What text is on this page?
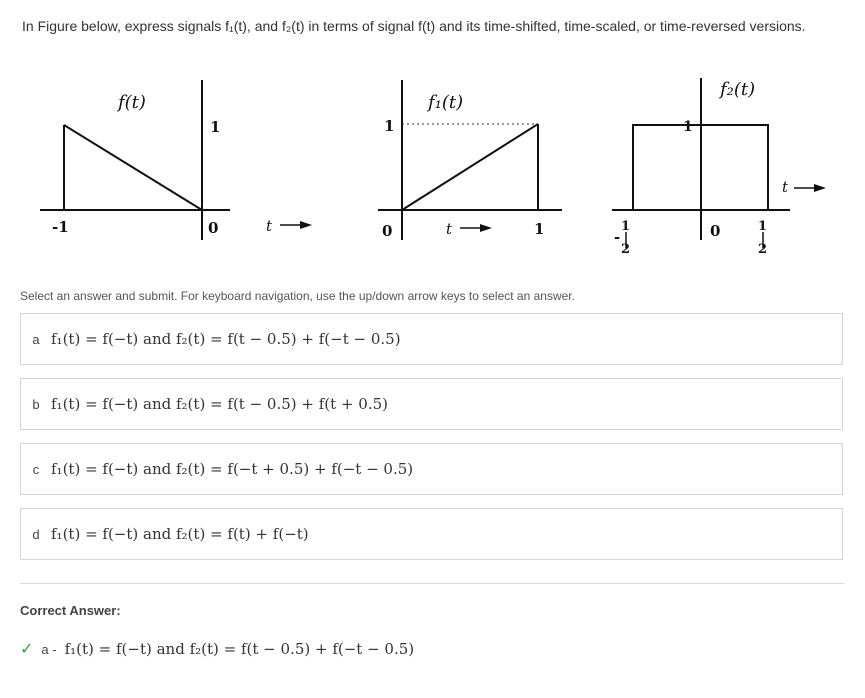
In Figure below, express signals f₁(t), and f₂(t) in terms of signal f(t) and its time-shifted, time-scaled, or time-reversed versions.
f(t)
1
-1	0	t
f₁(t)
1
0	1
t
f₂(t)
1
0
t
-
1
2
1
2
Select an answer and submit. For keyboard navigation, use the up/down arrow keys to select an answer.
a f₁(t) = f(−t) and f₂(t) = f(t − 0.5) + f(−t − 0.5)
b f₁(t) = f(−t) and f₂(t) = f(t − 0.5) + f(t + 0.5)
c f₁(t) = f(−t) and f₂(t) = f(−t + 0.5) + f(−t − 0.5)
d f₁(t) = f(−t) and f₂(t) = f(t) + f(−t)
Correct Answer:
✓ a - f₁(t) = f(−t) and f₂(t) = f(t − 0.5) + f(−t − 0.5)
